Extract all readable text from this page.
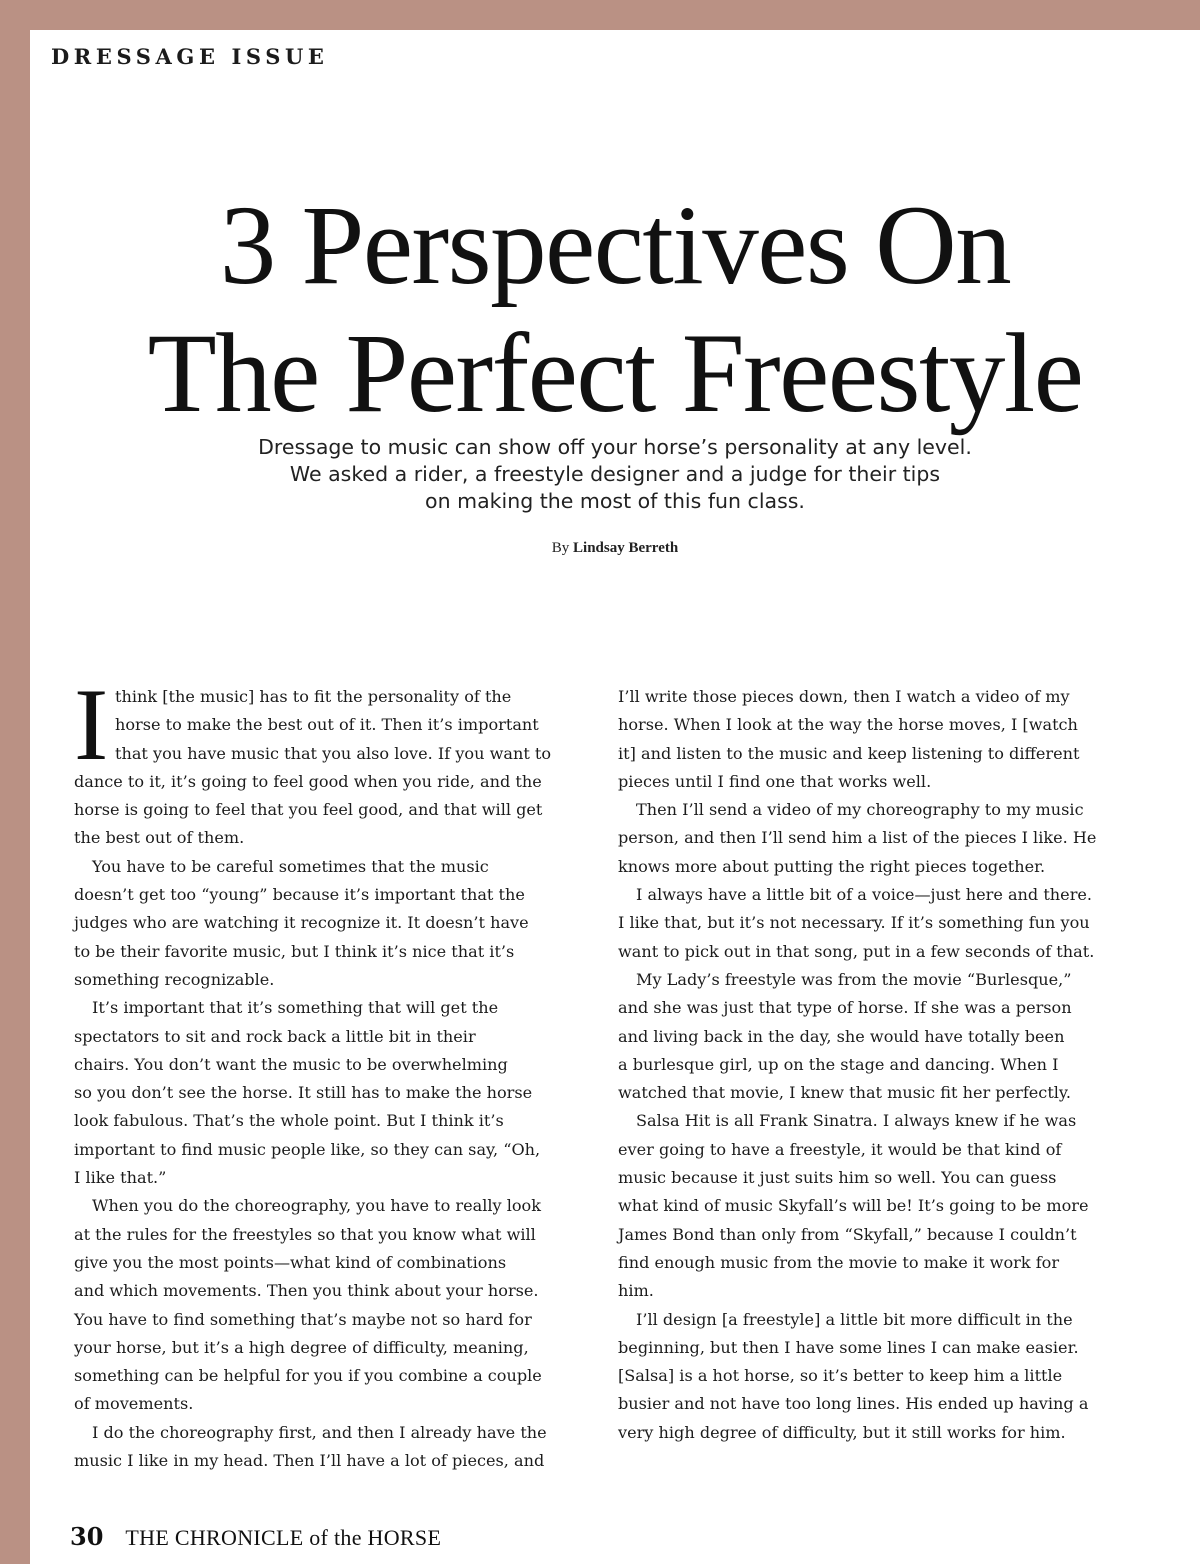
DRESSAGE ISSUE
3 Perspectives On
The Perfect Freestyle
Dressage to music can show off your horse’s personality at any level.
We asked a rider, a freestyle designer and a judge for their tips
on making the most of this fun class.
By Lindsay Berreth
I think [the music] has to fit the personality of the
horse to make the best out of it. Then it’s important
that you have music that you also love. If you want to
dance to it, it’s going to feel good when you ride, and the
horse is going to feel that you feel good, and that will get
the best out of them.
You have to be careful sometimes that the music
doesn’t get too “young” because it’s important that the
judges who are watching it recognize it. It doesn’t have
to be their favorite music, but I think it’s nice that it’s
something recognizable.
It’s important that it’s something that will get the
spectators to sit and rock back a little bit in their
chairs. You don’t want the music to be overwhelming
so you don’t see the horse. It still has to make the horse
look fabulous. That’s the whole point. But I think it’s
important to find music people like, so they can say, “Oh,
I like that.”
When you do the choreography, you have to really look
at the rules for the freestyles so that you know what will
give you the most points—what kind of combinations
and which movements. Then you think about your horse.
You have to find something that’s maybe not so hard for
your horse, but it’s a high degree of difficulty, meaning,
something can be helpful for you if you combine a couple
of movements.
I do the choreography first, and then I already have the
music I like in my head. Then I’ll have a lot of pieces, and
I’ll write those pieces down, then I watch a video of my
horse. When I look at the way the horse moves, I [watch
it] and listen to the music and keep listening to different
pieces until I find one that works well.
Then I’ll send a video of my choreography to my music
person, and then I’ll send him a list of the pieces I like. He
knows more about putting the right pieces together.
I always have a little bit of a voice—just here and there.
I like that, but it’s not necessary. If it’s something fun you
want to pick out in that song, put in a few seconds of that.
My Lady’s freestyle was from the movie “Burlesque,”
and she was just that type of horse. If she was a person
and living back in the day, she would have totally been
a burlesque girl, up on the stage and dancing. When I
watched that movie, I knew that music fit her perfectly.
Salsa Hit is all Frank Sinatra. I always knew if he was
ever going to have a freestyle, it would be that kind of
music because it just suits him so well. You can guess
what kind of music Skyfall’s will be! It’s going to be more
James Bond than only from “Skyfall,” because I couldn’t
find enough music from the movie to make it work for
him.
I’ll design [a freestyle] a little bit more difficult in the
beginning, but then I have some lines I can make easier.
[Salsa] is a hot horse, so it’s better to keep him a little
busier and not have too long lines. His ended up having a
very high degree of difficulty, but it still works for him.
30 THE CHRONICLE of the HORSE
